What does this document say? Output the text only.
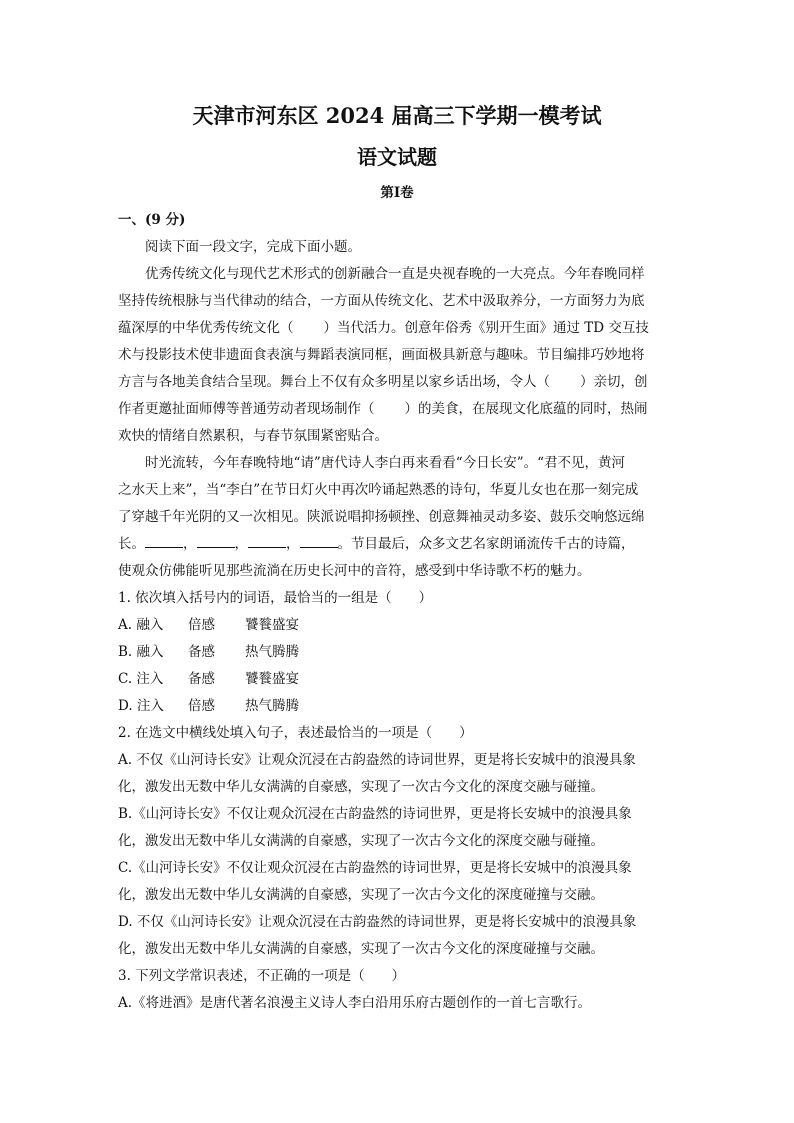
天津市河东区 2024 届高三下学期一模考试
语文试题
第Ⅰ卷

一、(9 分)

阅读下面一段文字，完成下面小题。

优秀传统文化与现代艺术形式的创新融合一直是央视春晚的一大亮点。今年春晚同样

坚持传统根脉与当代律动的结合，一方面从传统文化、艺术中汲取养分，一方面努力为底

蕴深厚的中华优秀传统文化（ ）当代活力。创意年俗秀《别开生面》通过 TD 交互技

术与投影技术使非遗面食表演与舞蹈表演同框，画面极具新意与趣味。节目编排巧妙地将

方言与各地美食结合呈现。舞台上不仅有众多明星以家乡话出场，令人（ ）亲切，创

作者更邀扯面师傅等普通劳动者现场制作（ ）的美食，在展现文化底蕴的同时，热闹

欢快的情绪自然累积，与春节氛围紧密贴合。

时光流转，今年春晚特地“请”唐代诗人李白再来看看“今日长安”。“君不见，黄河

之水天上来”，当“李白”在节日灯火中再次吟诵起熟悉的诗句，华夏儿女也在那一刻完成

了穿越千年光阴的又一次相见。陕派说唱抑扬顿挫、创意舞袖灵动多姿、鼓乐交响悠远绵

长。	，	，	，	。节目最后，众多文艺名家朗诵流传千古的诗篇，

使观众仿佛能听见那些流淌在历史长河中的音符，感受到中华诗歌不朽的魅力。

1. 依次填入括号内的词语，最恰当的一组是（　　）

A. 融入 倍感 饕餮盛宴

B. 融入 备感 热气腾腾

C. 注入 备感 饕餮盛宴

D. 注入 倍感 热气腾腾

2. 在选文中横线处填入句子，表述最恰当的一项是（　　）

A. 不仅《山河诗长安》让观众沉浸在古韵盎然的诗词世界，更是将长安城中的浪漫具象

化，激发出无数中华儿女满满的自豪感，实现了一次古今文化的深度交融与碰撞。

B.《山河诗长安》不仅让观众沉浸在古韵盎然的诗词世界，更是将长安城中的浪漫具象

化，激发出无数中华儿女满满的自豪感，实现了一次古今文化的深度交融与碰撞。

C.《山河诗长安》不仅让观众沉浸在古韵盎然的诗词世界，更是将长安城中的浪漫具象

化，激发出无数中华儿女满满的自豪感，实现了一次古今文化的深度碰撞与交融。

D. 不仅《山河诗长安》让观众沉浸在古韵盎然的诗词世界，更是将长安城中的浪漫具象

化，激发出无数中华儿女满满的自豪感，实现了一次古今文化的深度碰撞与交融。

3. 下列文学常识表述，不正确的一项是（　　）

A.《将进酒》是唐代著名浪漫主义诗人李白沿用乐府古题创作的一首七言歌行。
